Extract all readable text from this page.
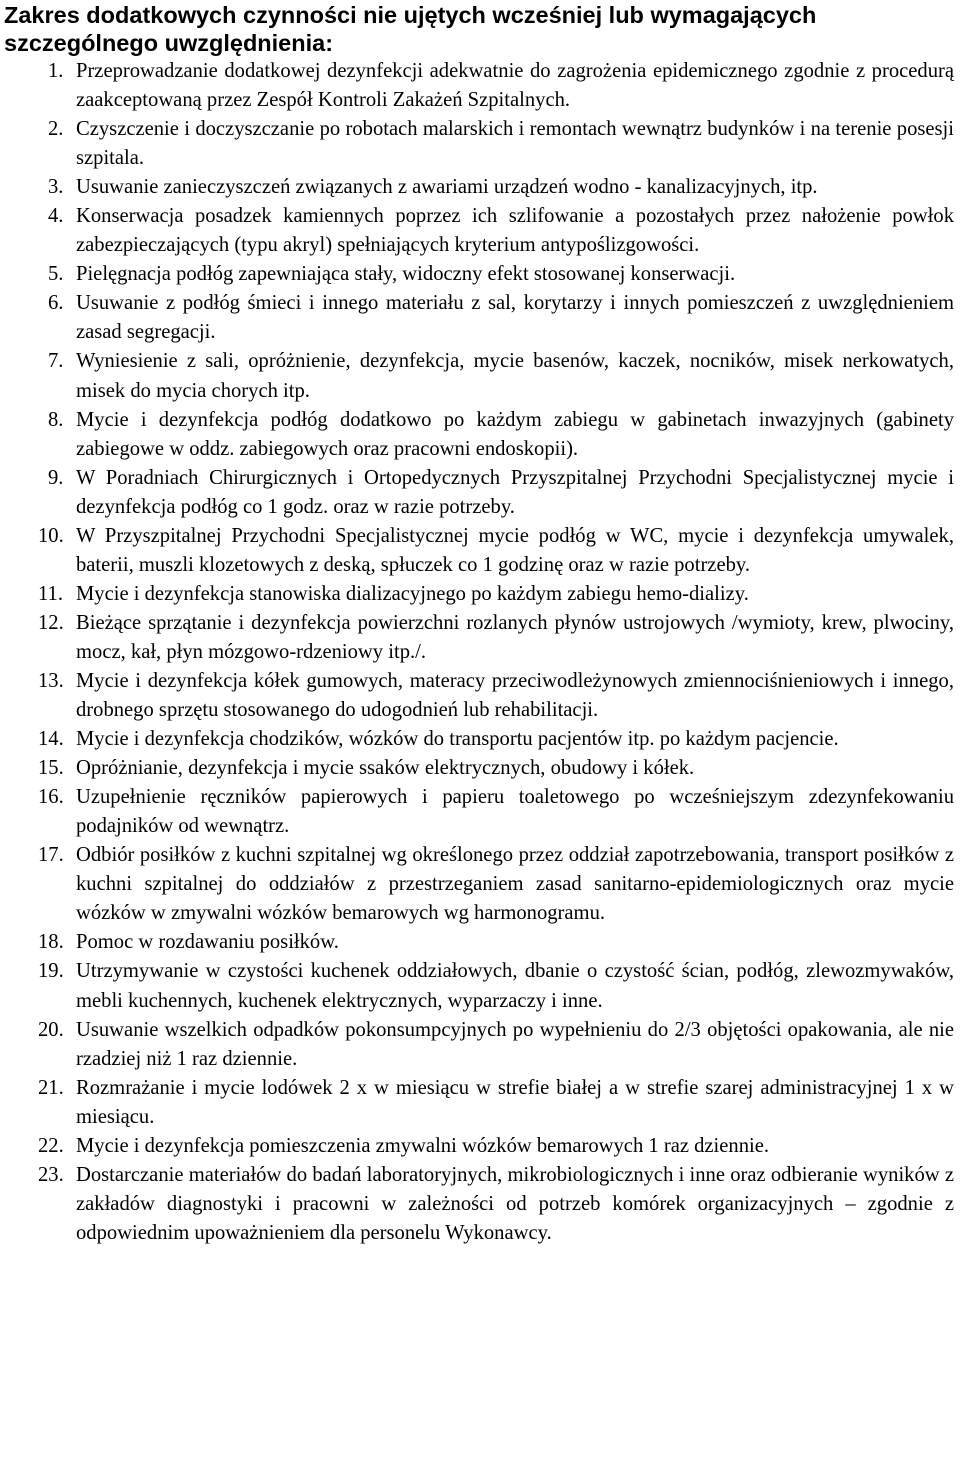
Zakres dodatkowych czynności nie ujętych wcześniej lub wymagających szczególnego uwzględnienia:
1. Przeprowadzanie dodatkowej dezynfekcji adekwatnie do zagrożenia epidemicznego zgodnie z procedurą zaakceptowaną przez Zespół Kontroli Zakażeń Szpitalnych.
2. Czyszczenie i doczyszczanie po robotach malarskich i remontach wewnątrz budynków i na terenie posesji szpitala.
3. Usuwanie zanieczyszczeń związanych z awariami urządzeń wodno - kanalizacyjnych, itp.
4. Konserwacja posadzek kamiennych poprzez ich szlifowanie a pozostałych przez nałożenie powłok zabezpieczających (typu akryl) spełniających kryterium antypoślizgowości.
5. Pielęgnacja podłóg zapewniająca stały, widoczny efekt stosowanej konserwacji.
6. Usuwanie z podłóg śmieci i innego materiału z sal, korytarzy i innych pomieszczeń z uwzględnieniem zasad segregacji.
7. Wyniesienie z sali, opróżnienie, dezynfekcja, mycie basenów, kaczek, nocników, misek nerkowatych, misek do mycia chorych itp.
8. Mycie i dezynfekcja podłóg dodatkowo po każdym zabiegu w gabinetach inwazyjnych (gabinety zabiegowe w oddz. zabiegowych oraz pracowni endoskopii).
9. W Poradniach Chirurgicznych i Ortopedycznych Przyszpitalnej Przychodni Specjalistycznej mycie i dezynfekcja podłóg co 1 godz. oraz w razie potrzeby.
10. W Przyszpitalnej Przychodni Specjalistycznej mycie podłóg w WC, mycie i dezynfekcja umywalek, baterii, muszli klozetowych z deską, spłuczek co 1 godzinę oraz w razie potrzeby.
11. Mycie i dezynfekcja stanowiska dializacyjnego po każdym zabiegu hemo-dializy.
12. Bieżące sprzątanie i dezynfekcja powierzchni rozlanych płynów ustrojowych /wymioty, krew, plwociny, mocz, kał, płyn mózgowo-rdzeniowy itp./.
13. Mycie i dezynfekcja kółek gumowych, materacy przeciwodleżynowych zmiennociśnieniowych i innego, drobnego sprzętu stosowanego do udogodnień lub rehabilitacji.
14. Mycie i dezynfekcja chodzików, wózków do transportu pacjentów itp. po każdym pacjencie.
15. Opróżnianie, dezynfekcja i mycie ssaków elektrycznych, obudowy i kółek.
16. Uzupełnienie ręczników papierowych i papieru toaletowego po wcześniejszym zdezynfekowaniu podajników od wewnątrz.
17. Odbiór posiłków z kuchni szpitalnej wg określonego przez oddział zapotrzebowania, transport posiłków z kuchni szpitalnej do oddziałów z przestrzeganiem zasad sanitarno-epidemiologicznych oraz mycie wózków w zmywalni wózków bemarowych wg harmonogramu.
18. Pomoc w rozdawaniu posiłków.
19. Utrzymywanie w czystości kuchenek oddziałowych, dbanie o czystość ścian, podłóg, zlewozmywaków, mebli kuchennych, kuchenek elektrycznych, wyparzaczy i inne.
20. Usuwanie wszelkich odpadków pokonsumpcyjnych po wypełnieniu do 2/3 objętości opakowania, ale nie rzadziej niż 1 raz dziennie.
21. Rozmrażanie i mycie lodówek 2 x w miesiącu w strefie białej a w strefie szarej administracyjnej 1 x w miesiącu.
22. Mycie i dezynfekcja pomieszczenia zmywalni wózków bemarowych 1 raz dziennie.
23. Dostarczanie materiałów do badań laboratoryjnych, mikrobiologicznych i inne oraz odbieranie wyników z zakładów diagnostyki i pracowni w zależności od potrzeb komórek organizacyjnych – zgodnie z odpowiednim upoważnieniem dla personelu Wykonawcy.
